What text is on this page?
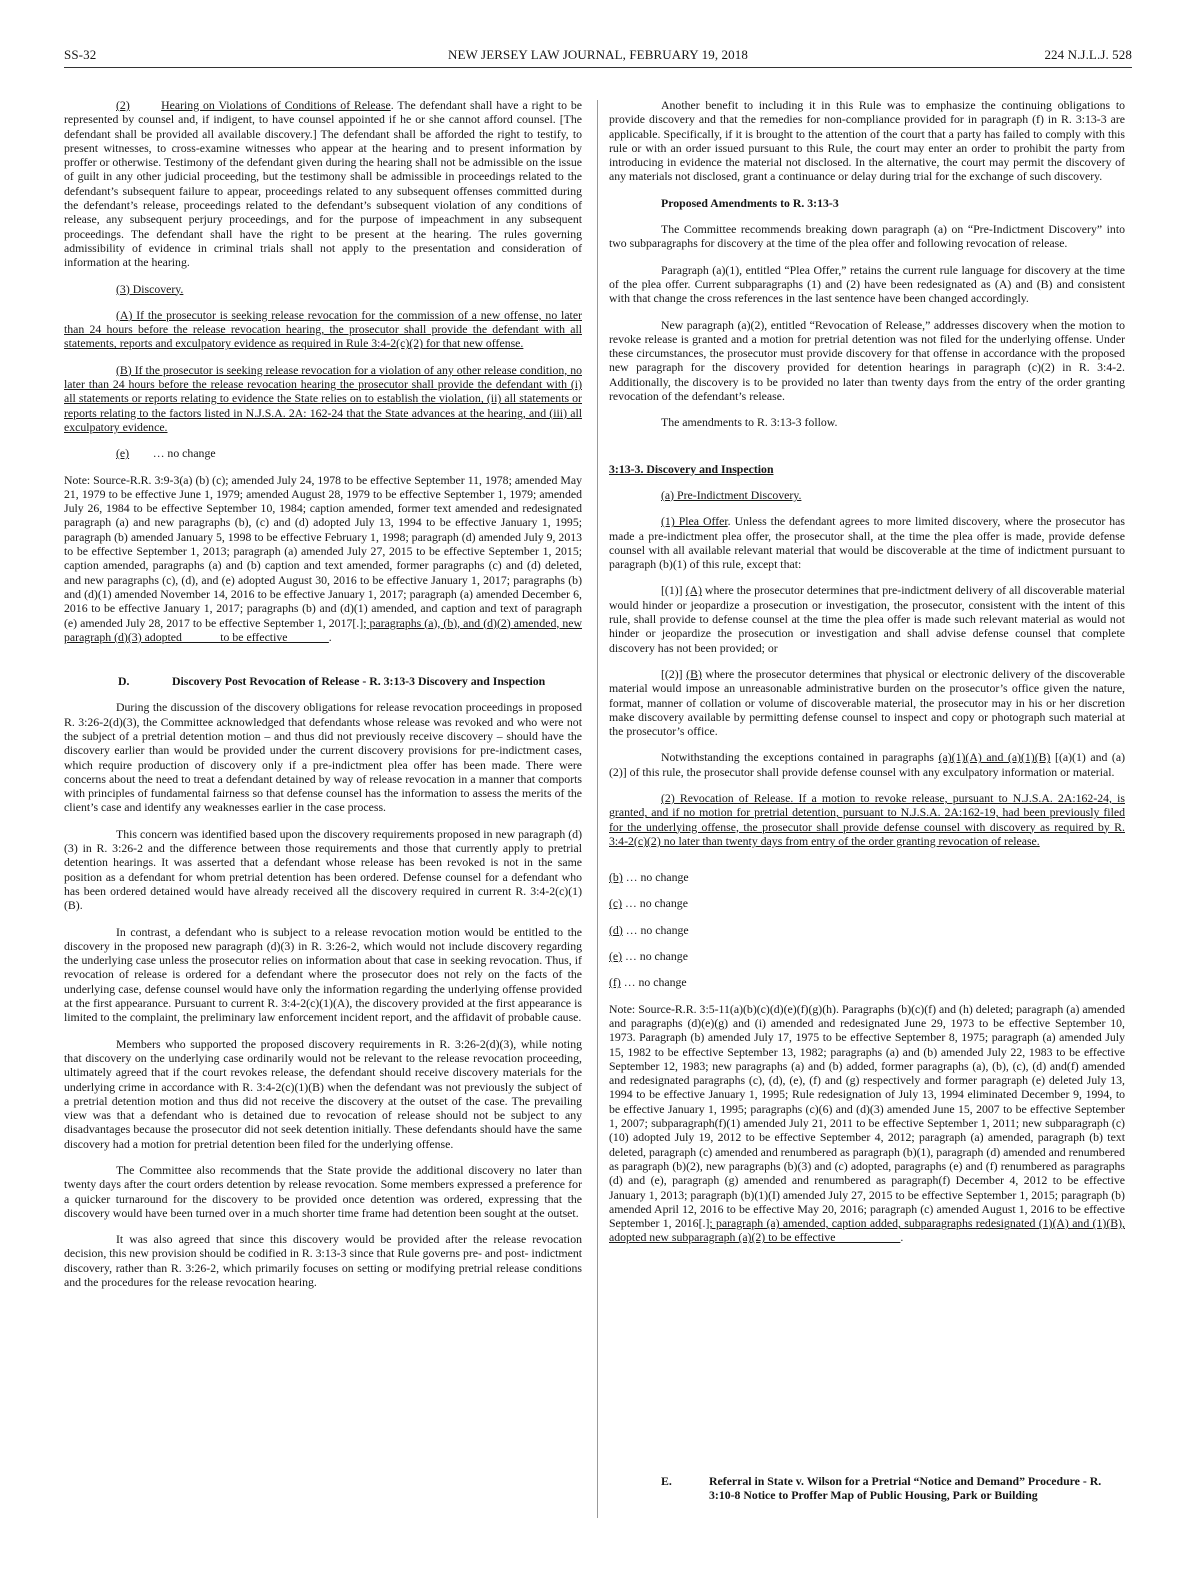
SS-32	NEW JERSEY LAW JOURNAL, FEBRUARY 19, 2018	224 N.J.L.J. 528

(2)	Hearing on Violations of Conditions of Release. The defendant shall have a right to be represented by counsel and, if indigent, to have counsel appointed if he or she cannot afford counsel. [The defendant shall be provided all available discovery.] The defendant shall be afforded the right to testify, to present witnesses, to cross-examine witnesses who appear at the hearing and to present information by proffer or otherwise. Testimony of the defendant given during the hearing shall not be admissible on the issue of guilt in any other judicial proceeding, but the testimony shall be admissible in proceedings related to the defendant’s subsequent failure to appear, proceedings related to any subsequent offenses committed during the defendant’s release, proceedings related to the defendant’s subsequent violation of any conditions of release, any subsequent perjury proceedings, and for the purpose of impeachment in any subsequent proceedings. The defendant shall have the right to be present at the hearing. The rules governing admissibility of evidence in criminal trials shall not apply to the presentation and consideration of information at the hearing.

(3) Discovery.

(A) If the prosecutor is seeking release revocation for the commission of a new offense, no later than 24 hours before the release revocation hearing, the prosecutor shall provide the defendant with all statements, reports and exculpatory evidence as required in Rule 3:4-2(c)(2) for that new offense.

(B) If the prosecutor is seeking release revocation for a violation of any other release condition, no later than 24 hours before the release revocation hearing the prosecutor shall provide the defendant with (i) all statements or reports relating to evidence the State relies on to establish the violation, (ii) all statements or reports relating to the factors listed in N.J.S.A. 2A: 162-24 that the State advances at the hearing, and (iii) all exculpatory evidence.

(e) … no change

Note: Source-R.R. 3:9-3(a) (b) (c); amended July 24, 1978 to be effective September 11, 1978; amended May 21, 1979 to be effective June 1, 1979; amended August 28, 1979 to be effective September 1, 1979; amended July 26, 1984 to be effective September 10, 1984; caption amended, former text amended and redesignated paragraph (a) and new paragraphs (b), (c) and (d) adopted July 13, 1994 to be effective January 1, 1995; paragraph (b) amended January 5, 1998 to be effective February 1, 1998; paragraph (d) amended July 9, 2013 to be effective September 1, 2013; paragraph (a) amended July 27, 2015 to be effective September 1, 2015; caption amended, paragraphs (a) and (b) caption and text amended, former paragraphs (c) and (d) deleted, and new paragraphs (c), (d), and (e) adopted August 30, 2016 to be effective January 1, 2017; paragraphs (b) and (d)(1) amended November 14, 2016 to be effective January 1, 2017; paragraph (a) amended December 6, 2016 to be effective January 1, 2017; paragraphs (b) and (d)(1) amended, and caption and text of paragraph (e) amended July 28, 2017 to be effective September 1, 2017[.]; paragraphs (a), (b), and (d)(2) amended, new paragraph (d)(3) adopted______ to be effective_______.

D.	Discovery Post Revocation of Release - R. 3:13-3 Discovery and Inspection

During the discussion of the discovery obligations for release revocation proceedings in proposed R. 3:26-2(d)(3), the Committee acknowledged that defendants whose release was revoked and who were not the subject of a pretrial detention motion – and thus did not previously receive discovery – should have the discovery earlier than would be provided under the current discovery provisions for pre-indictment cases, which require production of discovery only if a pre-indictment plea offer has been made. There were concerns about the need to treat a defendant detained by way of release revocation in a manner that comports with principles of fundamental fairness so that defense counsel has the information to assess the merits of the client’s case and identify any weaknesses earlier in the case process.

This concern was identified based upon the discovery requirements proposed in new paragraph (d)(3) in R. 3:26-2 and the difference between those requirements and those that currently apply to pretrial detention hearings. It was asserted that a defendant whose release has been revoked is not in the same position as a defendant for whom pretrial detention has been ordered. Defense counsel for a defendant who has been ordered detained would have already received all the discovery required in current R. 3:4-2(c)(1)(B).

In contrast, a defendant who is subject to a release revocation motion would be entitled to the discovery in the proposed new paragraph (d)(3) in R. 3:26-2, which would not include discovery regarding the underlying case unless the prosecutor relies on information about that case in seeking revocation. Thus, if revocation of release is ordered for a defendant where the prosecutor does not rely on the facts of the underlying case, defense counsel would have only the information regarding the underlying offense provided at the first appearance. Pursuant to current R. 3:4-2(c)(1)(A), the discovery provided at the first appearance is limited to the complaint, the preliminary law enforcement incident report, and the affidavit of probable cause.

Members who supported the proposed discovery requirements in R. 3:26-2(d)(3), while noting that discovery on the underlying case ordinarily would not be relevant to the release revocation proceeding, ultimately agreed that if the court revokes release, the defendant should receive discovery materials for the underlying crime in accordance with R. 3:4-2(c)(1)(B) when the defendant was not previously the subject of a pretrial detention motion and thus did not receive the discovery at the outset of the case. The prevailing view was that a defendant who is detained due to revocation of release should not be subject to any disadvantages because the prosecutor did not seek detention initially. These defendants should have the same discovery had a motion for pretrial detention been filed for the underlying offense.

The Committee also recommends that the State provide the additional discovery no later than twenty days after the court orders detention by release revocation. Some members expressed a preference for a quicker turnaround for the discovery to be provided once detention was ordered, expressing that the discovery would have been turned over in a much shorter time frame had detention been sought at the outset.

It was also agreed that since this discovery would be provided after the release revocation decision, this new provision should be codified in R. 3:13-3 since that Rule governs pre- and post- indictment discovery, rather than R. 3:26-2, which primarily focuses on setting or modifying pretrial release conditions and the procedures for the release revocation hearing.

Another benefit to including it in this Rule was to emphasize the continuing obligations to provide discovery and that the remedies for non-compliance provided for in paragraph (f) in R. 3:13-3 are applicable. Specifically, if it is brought to the attention of the court that a party has failed to comply with this rule or with an order issued pursuant to this Rule, the court may enter an order to prohibit the party from introducing in evidence the material not disclosed. In the alternative, the court may permit the discovery of any materials not disclosed, grant a continuance or delay during trial for the exchange of such discovery.

Proposed Amendments to R. 3:13-3

The Committee recommends breaking down paragraph (a) on “Pre-Indictment Discovery” into two subparagraphs for discovery at the time of the plea offer and following revocation of release.

Paragraph (a)(1), entitled “Plea Offer,” retains the current rule language for discovery at the time of the plea offer. Current subparagraphs (1) and (2) have been redesignated as (A) and (B) and consistent with that change the cross references in the last sentence have been changed accordingly.

New paragraph (a)(2), entitled “Revocation of Release,” addresses discovery when the motion to revoke release is granted and a motion for pretrial detention was not filed for the underlying offense. Under these circumstances, the prosecutor must provide discovery for that offense in accordance with the proposed new paragraph for the discovery provided for detention hearings in paragraph (c)(2) in R. 3:4-2. Additionally, the discovery is to be provided no later than twenty days from the entry of the order granting revocation of the defendant’s release.

The amendments to R. 3:13-3 follow.

3:13-3. Discovery and Inspection

(a) Pre-Indictment Discovery.

(1) Plea Offer. Unless the defendant agrees to more limited discovery, where the prosecutor has made a pre-indictment plea offer, the prosecutor shall, at the time the plea offer is made, provide defense counsel with all available relevant material that would be discoverable at the time of indictment pursuant to paragraph (b)(1) of this rule, except that:

[(1)] (A) where the prosecutor determines that pre-indictment delivery of all discoverable material would hinder or jeopardize a prosecution or investigation, the prosecutor, consistent with the intent of this rule, shall provide to defense counsel at the time the plea offer is made such relevant material as would not hinder or jeopardize the prosecution or investigation and shall advise defense counsel that complete discovery has not been provided; or

[(2)] (B) where the prosecutor determines that physical or electronic delivery of the discoverable material would impose an unreasonable administrative burden on the prosecutor’s office given the nature, format, manner of collation or volume of discoverable material, the prosecutor may in his or her discretion make discovery available by permitting defense counsel to inspect and copy or photograph such material at the prosecutor’s office.

Notwithstanding the exceptions contained in paragraphs (a)(1)(A) and (a)(1)(B) [(a)(1) and (a)(2)] of this rule, the prosecutor shall provide defense counsel with any exculpatory information or material.

(2) Revocation of Release. If a motion to revoke release, pursuant to N.J.S.A. 2A:162-24, is granted, and if no motion for pretrial detention, pursuant to N.J.S.A. 2A:162-19, had been previously filed for the underlying offense, the prosecutor shall provide defense counsel with discovery as required by R. 3:4-2(c)(2) no later than twenty days from entry of the order granting revocation of release.

(b) … no change

(c) … no change

(d) … no change

(e) … no change

(f) … no change

Note: Source-R.R. 3:5-11(a)(b)(c)(d)(e)(f)(g)(h). Paragraphs (b)(c)(f) and (h) deleted; paragraph (a) amended and paragraphs (d)(e)(g) and (i) amended and redesignated June 29, 1973 to be effective September 10, 1973. Paragraph (b) amended July 17, 1975 to be effective September 8, 1975; paragraph (a) amended July 15, 1982 to be effective September 13, 1982; paragraphs (a) and (b) amended July 22, 1983 to be effective September 12, 1983; new paragraphs (a) and (b) added, former paragraphs (a), (b), (c), (d) and(f) amended and redesignated paragraphs (c), (d), (e), (f) and (g) respectively and former paragraph (e) deleted July 13, 1994 to be effective January 1, 1995; Rule redesignation of July 13, 1994 eliminated December 9, 1994, to be effective January 1, 1995; paragraphs (c)(6) and (d)(3) amended June 15, 2007 to be effective September 1, 2007; subparagraph(f)(1) amended July 21, 2011 to be effective September 1, 2011; new subparagraph (c)(10) adopted July 19, 2012 to be effective September 4, 2012; paragraph (a) amended, paragraph (b) text deleted, paragraph (c) amended and renumbered as paragraph (b)(1), paragraph (d) amended and renumbered as paragraph (b)(2), new paragraphs (b)(3) and (c) adopted, paragraphs (e) and (f) renumbered as paragraphs (d) and (e), paragraph (g) amended and renumbered as paragraph(f) December 4, 2012 to be effective January 1, 2013; paragraph (b)(1)(I) amended July 27, 2015 to be effective September 1, 2015; paragraph (b) amended April 12, 2016 to be effective May 20, 2016; paragraph (c) amended August 1, 2016 to be effective September 1, 2016[.]; paragraph (a) amended, caption added, subparagraphs redesignated (1)(A) and (1)(B), adopted new subparagraph (a)(2) to be effective___________.

E.	Referral in State v. Wilson for a Pretrial “Notice and Demand” Procedure - R. 3:10-8 Notice to Proffer Map of Public Housing, Park or Building
